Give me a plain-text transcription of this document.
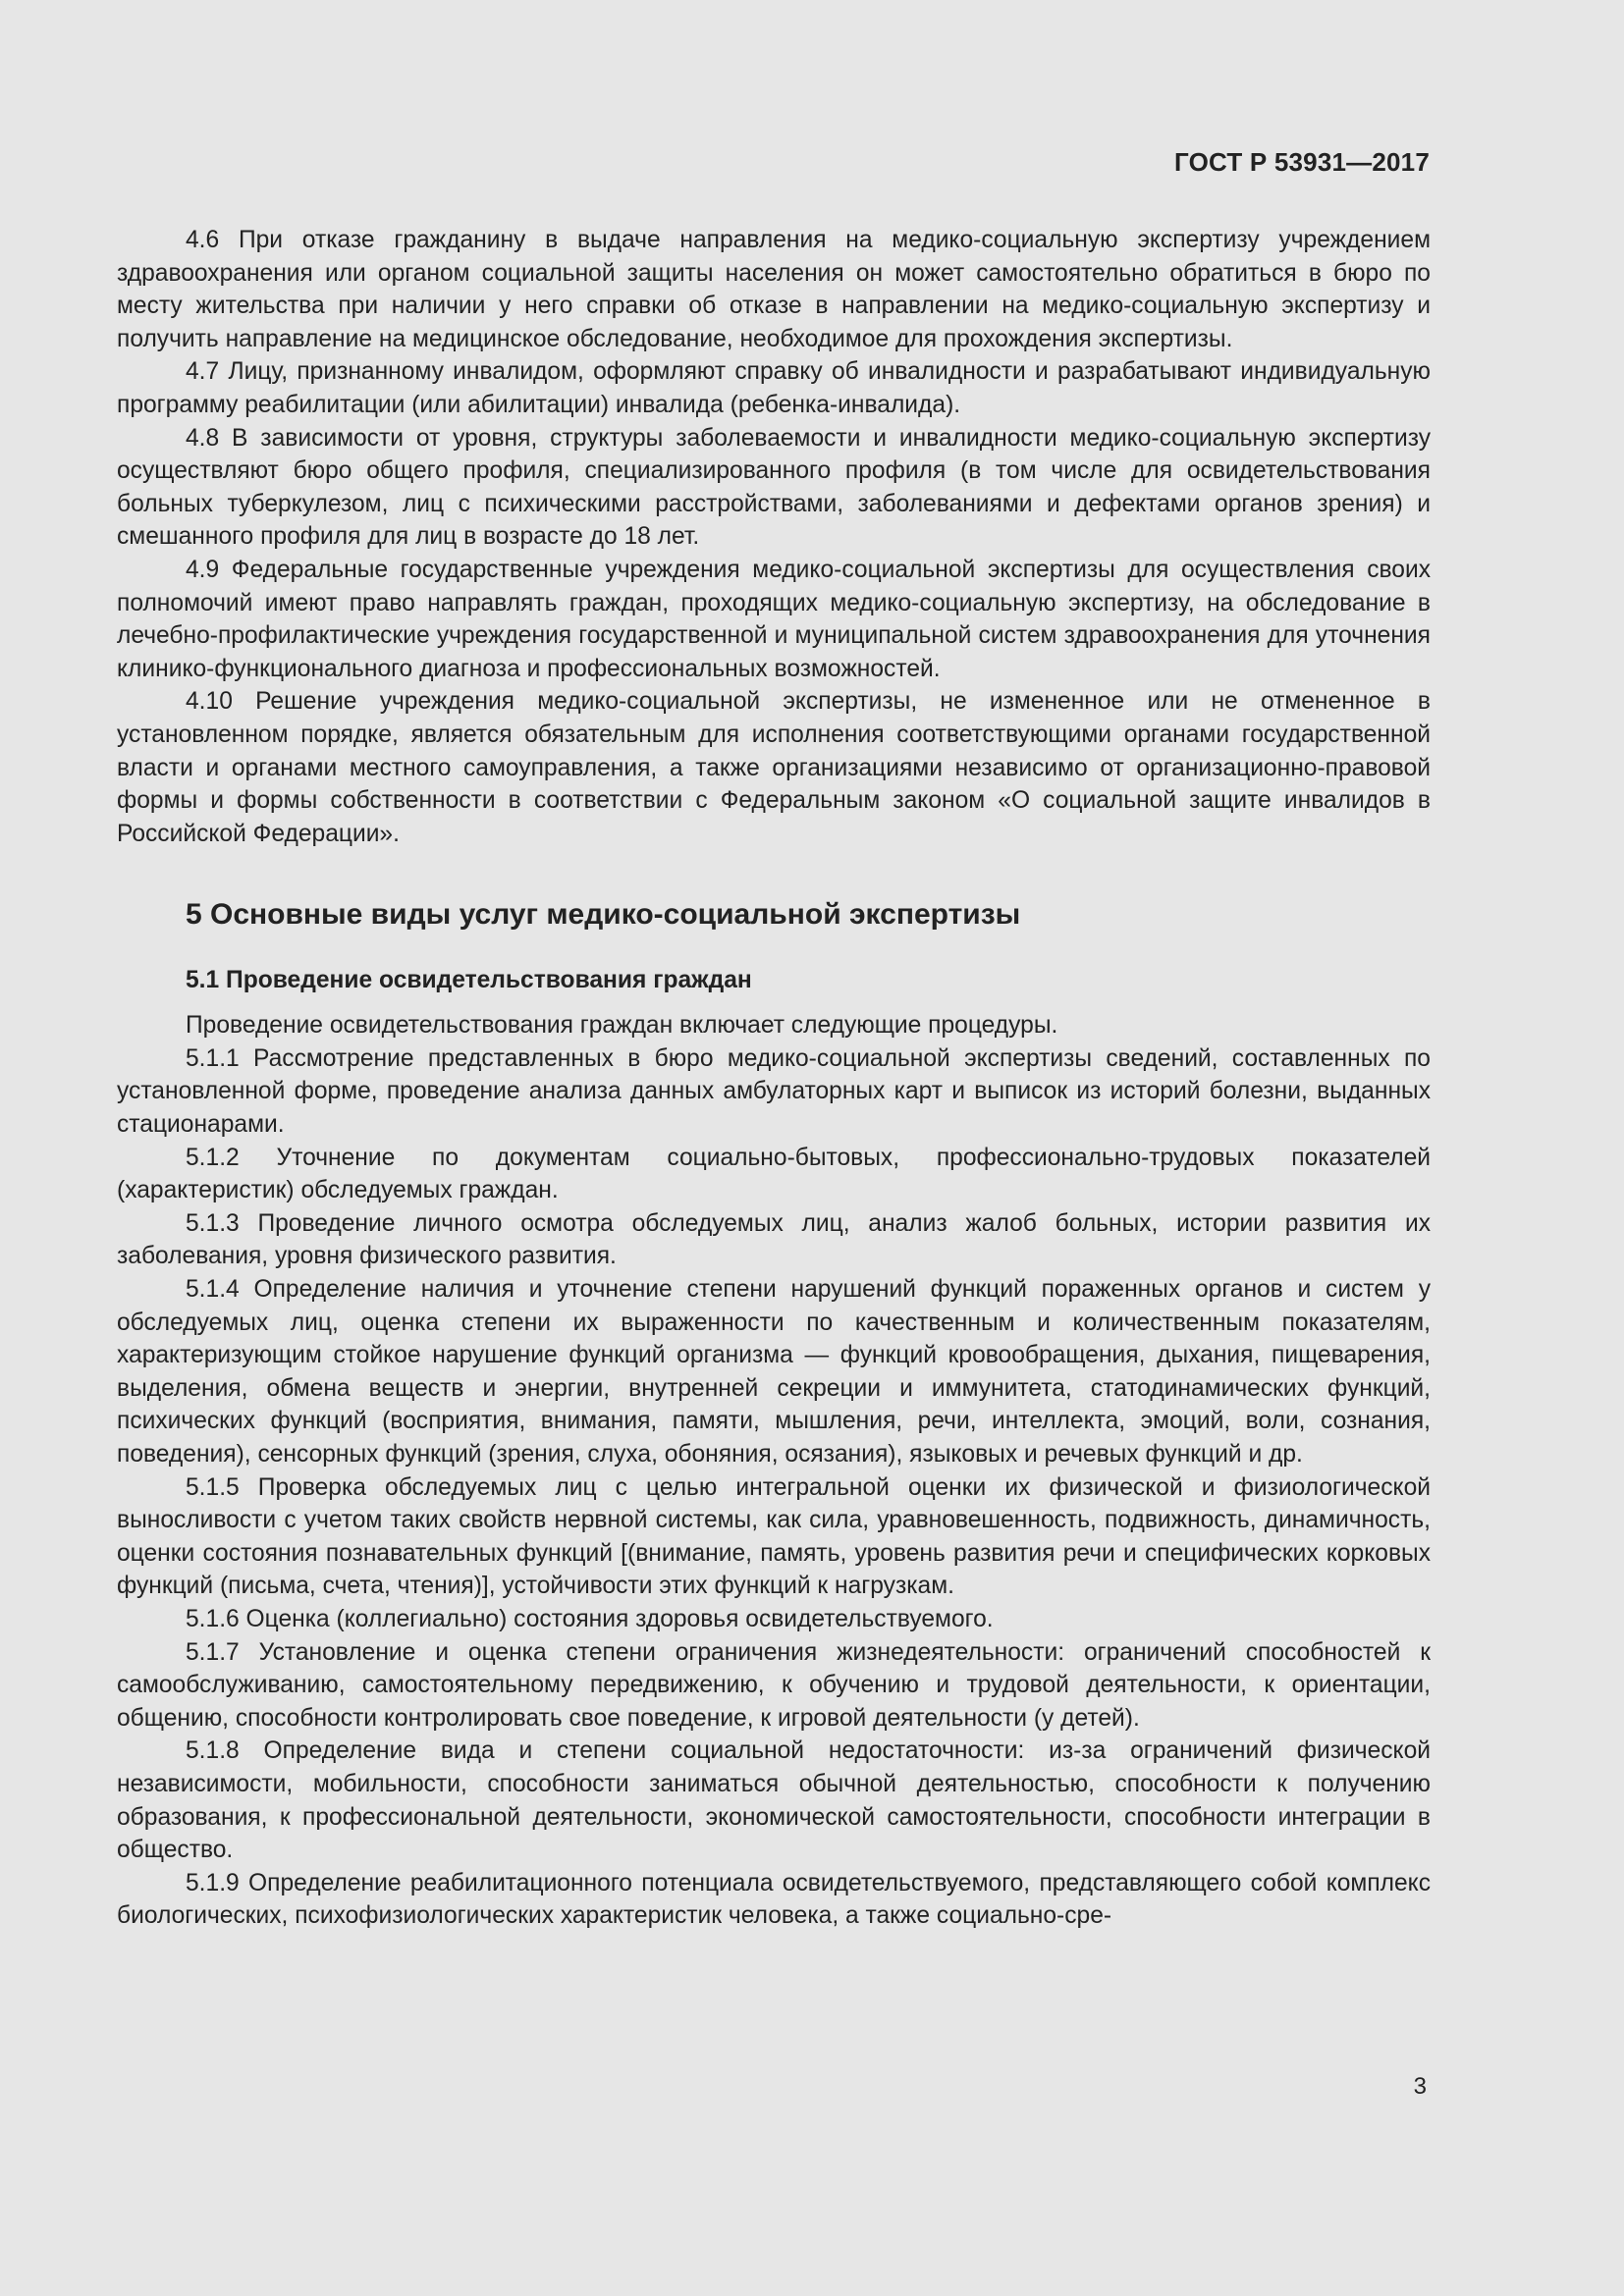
ГОСТ Р 53931—2017

4.6 При отказе гражданину в выдаче направления на медико-социальную экспертизу учреждением здравоохранения или органом социальной защиты населения он может самостоятельно обратиться в бюро по месту жительства при наличии у него справки об отказе в направлении на медико-социальную экспертизу и получить направление на медицинское обследование, необходимое для прохождения экспертизы.

4.7 Лицу, признанному инвалидом, оформляют справку об инвалидности и разрабатывают индивидуальную программу реабилитации (или абилитации) инвалида (ребенка-инвалида).

4.8 В зависимости от уровня, структуры заболеваемости и инвалидности медико-социальную экспертизу осуществляют бюро общего профиля, специализированного профиля (в том числе для освидетельствования больных туберкулезом, лиц с психическими расстройствами, заболеваниями и дефектами органов зрения) и смешанного профиля для лиц в возрасте до 18 лет.

4.9 Федеральные государственные учреждения медико-социальной экспертизы для осуществления своих полномочий имеют право направлять граждан, проходящих медико-социальную экспертизу, на обследование в лечебно-профилактические учреждения государственной и муниципальной систем здравоохранения для уточнения клинико-функционального диагноза и профессиональных возможностей.

4.10 Решение учреждения медико-социальной экспертизы, не измененное или не отмененное в установленном порядке, является обязательным для исполнения соответствующими органами государственной власти и органами местного самоуправления, а также организациями независимо от организационно-правовой формы и формы собственности в соответствии с Федеральным законом «О социальной защите инвалидов в Российской Федерации».

5 Основные виды услуг медико-социальной экспертизы
5.1 Проведение освидетельствования граждан

Проведение освидетельствования граждан включает следующие процедуры.

5.1.1 Рассмотрение представленных в бюро медико-социальной экспертизы сведений, составленных по установленной форме, проведение анализа данных амбулаторных карт и выписок из историй болезни, выданных стационарами.

5.1.2 Уточнение по документам социально-бытовых, профессионально-трудовых показателей (характеристик) обследуемых граждан.

5.1.3 Проведение личного осмотра обследуемых лиц, анализ жалоб больных, истории развития их заболевания, уровня физического развития.

5.1.4 Определение наличия и уточнение степени нарушений функций пораженных органов и систем у обследуемых лиц, оценка степени их выраженности по качественным и количественным показателям, характеризующим стойкое нарушение функций организма — функций кровообращения, дыхания, пищеварения, выделения, обмена веществ и энергии, внутренней секреции и иммунитета, статодинамических функций, психических функций (восприятия, внимания, памяти, мышления, речи, интеллекта, эмоций, воли, сознания, поведения), сенсорных функций (зрения, слуха, обоняния, осязания), языковых и речевых функций и др.

5.1.5 Проверка обследуемых лиц с целью интегральной оценки их физической и физиологической выносливости с учетом таких свойств нервной системы, как сила, уравновешенность, подвижность, динамичность, оценки состояния познавательных функций [(внимание, память, уровень развития речи и специфических корковых функций (письма, счета, чтения)], устойчивости этих функций к нагрузкам.

5.1.6 Оценка (коллегиально) состояния здоровья освидетельствуемого.

5.1.7 Установление и оценка степени ограничения жизнедеятельности: ограничений способностей к самообслуживанию, самостоятельному передвижению, к обучению и трудовой деятельности, к ориентации, общению, способности контролировать свое поведение, к игровой деятельности (у детей).

5.1.8 Определение вида и степени социальной недостаточности: из-за ограничений физической независимости, мобильности, способности заниматься обычной деятельностью, способности к получению образования, к профессиональной деятельности, экономической самостоятельности, способности интеграции в общество.

5.1.9 Определение реабилитационного потенциала освидетельствуемого, представляющего собой комплекс биологических, психофизиологических характеристик человека, а также социально-сре-

3
